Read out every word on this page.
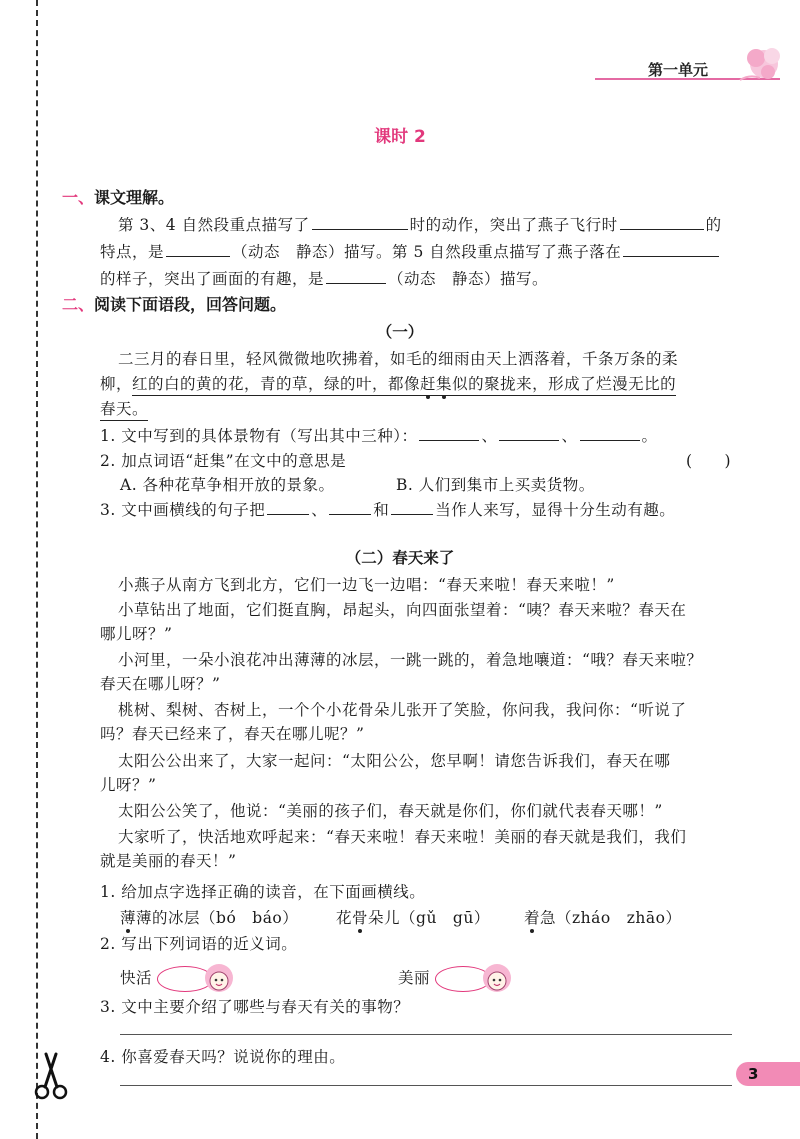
第一单元
课时 2
一、课文理解。
第 3、4 自然段重点描写了	时的动作，突出了燕子飞行时	的
特点，是	（动态　静态）描写。第 5 自然段重点描写了燕子落在
的样子，突出了画面的有趣，是	（动态　静态）描写。
二、阅读下面语段，回答问题。
（一）
二三月的春日里，轻风微微地吹拂着，如毛的细雨由天上洒落着，千条万条的柔
柳，红的白的黄的花，青的草，绿的叶，都像赶集似的聚拢来，形成了烂漫无比的
春天。
1. 文中写到的具体景物有（写出其中三种）：	、	、	。
2. 加点词语“赶集”在文中的意思是	(　　)
A. 各种花草争相开放的景象。	B. 人们到集市上买卖货物。
3. 文中画横线的句子把	、	和	当作人来写，显得十分生动有趣。
（二）春天来了
小燕子从南方飞到北方，它们一边飞一边唱：“春天来啦！春天来啦！”
小草钻出了地面，它们挺直胸，昂起头，向四面张望着：“咦？春天来啦？春天在
哪儿呀？”
小河里，一朵小浪花冲出薄薄的冰层，一跳一跳的，着急地嚷道：“哦？春天来啦？
春天在哪儿呀？”
桃树、梨树、杏树上，一个个小花骨朵儿张开了笑脸，你问我，我问你：“听说了
吗？春天已经来了，春天在哪儿呢？”
太阳公公出来了，大家一起问：“太阳公公，您早啊！请您告诉我们，春天在哪
儿呀？”
太阳公公笑了，他说：“美丽的孩子们，春天就是你们，你们就代表春天哪！”
大家听了，快活地欢呼起来：“春天来啦！春天来啦！美丽的春天就是我们，我们
就是美丽的春天！”
1. 给加点字选择正确的读音，在下面画横线。
薄薄的冰层（bó　báo） 花骨朵儿（gǔ　gū） 着急（zháo　zhāo）
2. 写出下列词语的近义词。
快活	美丽
3. 文中主要介绍了哪些与春天有关的事物？
4. 你喜爱春天吗？说说你的理由。
3
